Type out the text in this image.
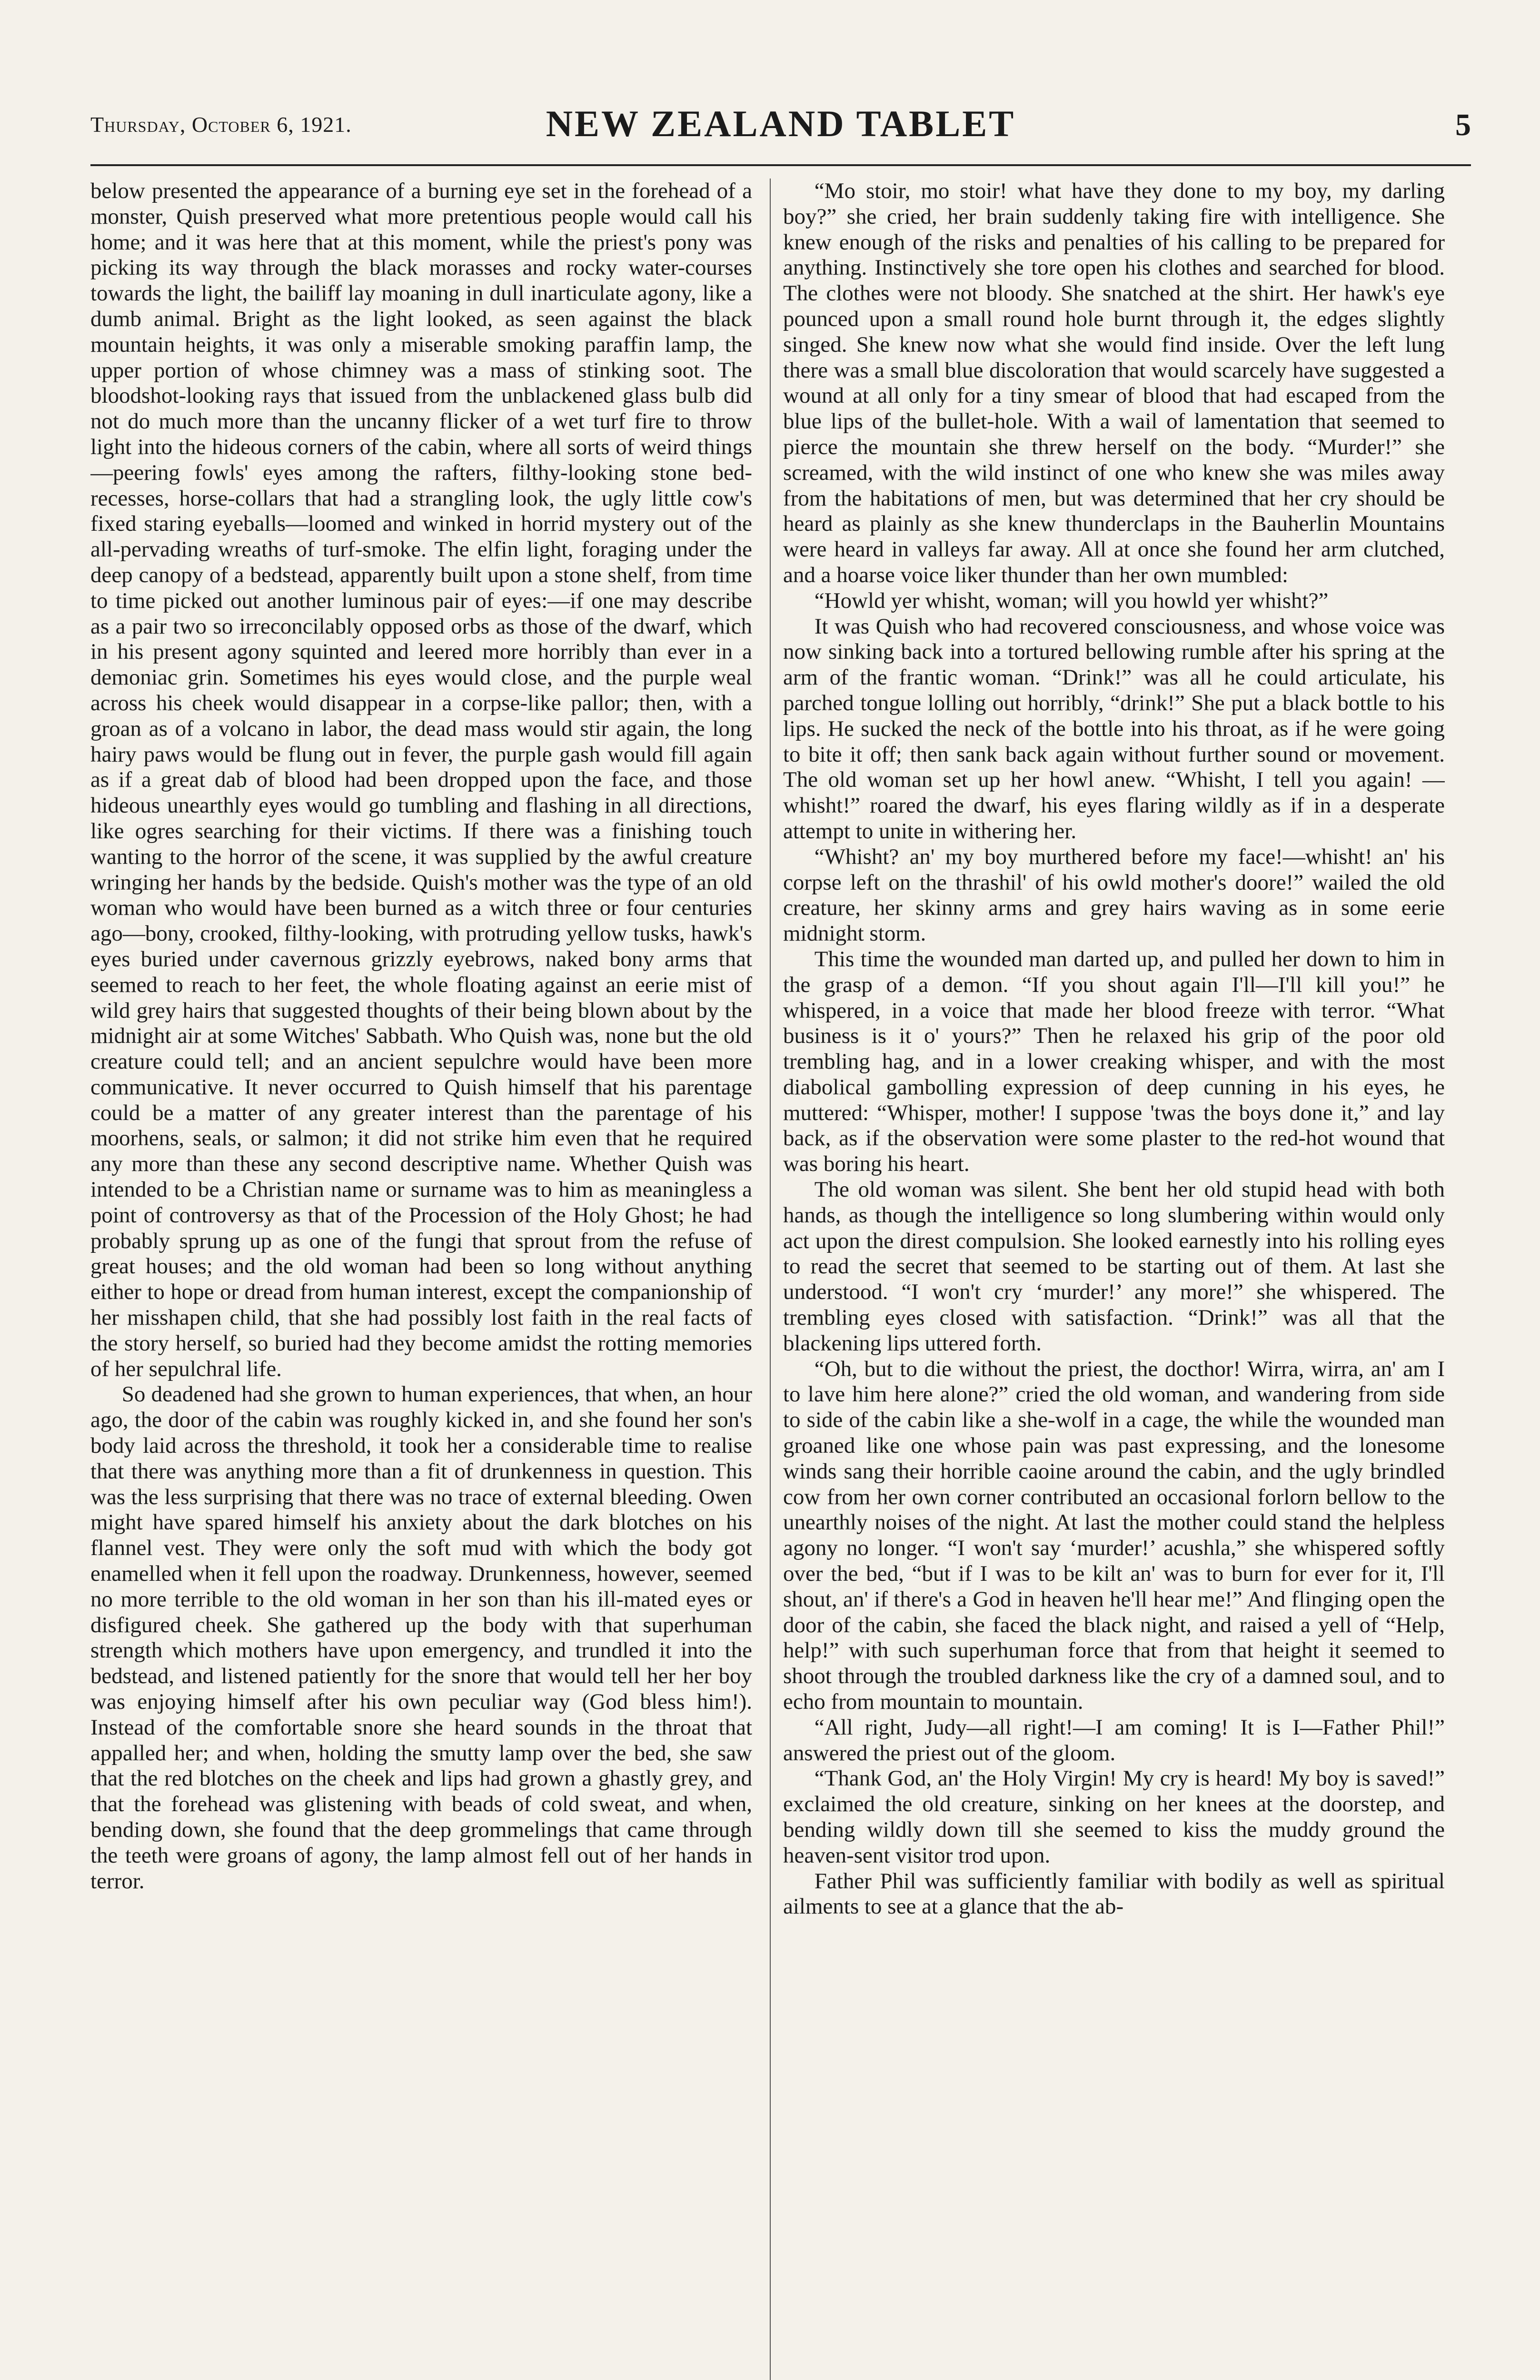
Thursday, October 6, 1921.	NEW ZEALAND TABLET	5

below presented the appearance of a burning eye set in the forehead of a monster, Quish preserved what more pretentious people would call his home; and it was here that at this moment, while the priest's pony was picking its way through the black morasses and rocky water-courses towards the light, the bailiff lay moaning in dull inarticulate agony, like a dumb animal. Bright as the light looked, as seen against the black mountain heights, it was only a miserable smoking paraffin lamp, the upper portion of whose chimney was a mass of stinking soot. The bloodshot-looking rays that issued from the unblackened glass bulb did not do much more than the uncanny flicker of a wet turf fire to throw light into the hideous corners of the cabin, where all sorts of weird things—peering fowls' eyes among the rafters, filthy-looking stone bed-recesses, horse-collars that had a strangling look, the ugly little cow's fixed staring eyeballs—loomed and winked in horrid mystery out of the all-pervading wreaths of turf-smoke. The elfin light, foraging under the deep canopy of a bedstead, apparently built upon a stone shelf, from time to time picked out another luminous pair of eyes:—if one may describe as a pair two so irreconcilably opposed orbs as those of the dwarf, which in his present agony squinted and leered more horribly than ever in a demoniac grin. Sometimes his eyes would close, and the purple weal across his cheek would disappear in a corpse-like pallor; then, with a groan as of a volcano in labor, the dead mass would stir again, the long hairy paws would be flung out in fever, the purple gash would fill again as if a great dab of blood had been dropped upon the face, and those hideous unearthly eyes would go tumbling and flashing in all directions, like ogres searching for their victims. If there was a finishing touch wanting to the horror of the scene, it was supplied by the awful creature wringing her hands by the bedside. Quish's mother was the type of an old woman who would have been burned as a witch three or four centuries ago—bony, crooked, filthy-looking, with protruding yellow tusks, hawk's eyes buried under cavernous grizzly eyebrows, naked bony arms that seemed to reach to her feet, the whole floating against an eerie mist of wild grey hairs that suggested thoughts of their being blown about by the midnight air at some Witches' Sabbath. Who Quish was, none but the old creature could tell; and an ancient sepulchre would have been more communicative. It never occurred to Quish himself that his parentage could be a matter of any greater interest than the parentage of his moorhens, seals, or salmon; it did not strike him even that he required any more than these any second descriptive name. Whether Quish was intended to be a Christian name or surname was to him as meaningless a point of controversy as that of the Procession of the Holy Ghost; he had probably sprung up as one of the fungi that sprout from the refuse of great houses; and the old woman had been so long without anything either to hope or dread from human interest, except the companionship of her misshapen child, that she had possibly lost faith in the real facts of the story herself, so buried had they become amidst the rotting memories of her sepulchral life.

So deadened had she grown to human experiences, that when, an hour ago, the door of the cabin was roughly kicked in, and she found her son's body laid across the threshold, it took her a considerable time to realise that there was anything more than a fit of drunkenness in question. This was the less surprising that there was no trace of external bleeding. Owen might have spared himself his anxiety about the dark blotches on his flannel vest. They were only the soft mud with which the body got enamelled when it fell upon the roadway. Drunkenness, however, seemed no more terrible to the old woman in her son than his ill-mated eyes or disfigured cheek. She gathered up the body with that superhuman strength which mothers have upon emergency, and trundled it into the bedstead, and listened patiently for the snore that would tell her her boy was enjoying himself after his own peculiar way (God bless him!). Instead of the comfortable snore she heard sounds in the throat that appalled her; and when, holding the smutty lamp over the bed, she saw that the red blotches on the cheek and lips had grown a ghastly grey, and that the forehead was glistening with beads of cold sweat, and when, bending down, she found that the deep grommelings that came through the teeth were groans of agony, the lamp almost fell out of her hands in terror.

“Mo stoir, mo stoir! what have they done to my boy, my darling boy?” she cried, her brain suddenly taking fire with intelligence. She knew enough of the risks and penalties of his calling to be prepared for anything. Instinctively she tore open his clothes and searched for blood. The clothes were not bloody. She snatched at the shirt. Her hawk's eye pounced upon a small round hole burnt through it, the edges slightly singed. She knew now what she would find inside. Over the left lung there was a small blue discoloration that would scarcely have suggested a wound at all only for a tiny smear of blood that had escaped from the blue lips of the bullet-hole. With a wail of lamentation that seemed to pierce the mountain she threw herself on the body. “Murder!” she screamed, with the wild instinct of one who knew she was miles away from the habitations of men, but was determined that her cry should be heard as plainly as she knew thunderclaps in the Bauherlin Mountains were heard in valleys far away. All at once she found her arm clutched, and a hoarse voice liker thunder than her own mumbled:

“Howld yer whisht, woman; will you howld yer whisht?”

It was Quish who had recovered consciousness, and whose voice was now sinking back into a tortured bellowing rumble after his spring at the arm of the frantic woman. “Drink!” was all he could articulate, his parched tongue lolling out horribly, “drink!” She put a black bottle to his lips. He sucked the neck of the bottle into his throat, as if he were going to bite it off; then sank back again without further sound or movement. The old woman set up her howl anew. “Whisht, I tell you again! —whisht!” roared the dwarf, his eyes flaring wildly as if in a desperate attempt to unite in withering her.

“Whisht? an' my boy murthered before my face!—whisht! an' his corpse left on the thrashil' of his owld mother's doore!” wailed the old creature, her skinny arms and grey hairs waving as in some eerie midnight storm.

This time the wounded man darted up, and pulled her down to him in the grasp of a demon. “If you shout again I'll—I'll kill you!” he whispered, in a voice that made her blood freeze with terror. “What business is it o' yours?” Then he relaxed his grip of the poor old trembling hag, and in a lower creaking whisper, and with the most diabolical gambolling expression of deep cunning in his eyes, he muttered: “Whisper, mother! I suppose 'twas the boys done it,” and lay back, as if the observation were some plaster to the red-hot wound that was boring his heart.

The old woman was silent. She bent her old stupid head with both hands, as though the intelligence so long slumbering within would only act upon the direst compulsion. She looked earnestly into his rolling eyes to read the secret that seemed to be starting out of them. At last she understood. “I won't cry ‘murder!’ any more!” she whispered. The trembling eyes closed with satisfaction. “Drink!” was all that the blackening lips uttered forth.

“Oh, but to die without the priest, the docthor! Wirra, wirra, an' am I to lave him here alone?” cried the old woman, and wandering from side to side of the cabin like a she-wolf in a cage, the while the wounded man groaned like one whose pain was past expressing, and the lonesome winds sang their horrible caoine around the cabin, and the ugly brindled cow from her own corner contributed an occasional forlorn bellow to the unearthly noises of the night. At last the mother could stand the helpless agony no longer. “I won't say ‘murder!’ acushla,” she whispered softly over the bed, “but if I was to be kilt an' was to burn for ever for it, I'll shout, an' if there's a God in heaven he'll hear me!” And flinging open the door of the cabin, she faced the black night, and raised a yell of “Help, help!” with such superhuman force that from that height it seemed to shoot through the troubled darkness like the cry of a damned soul, and to echo from mountain to mountain.

“All right, Judy—all right!—I am coming! It is I—Father Phil!” answered the priest out of the gloom.

“Thank God, an' the Holy Virgin! My cry is heard! My boy is saved!” exclaimed the old creature, sinking on her knees at the doorstep, and bending wildly down till she seemed to kiss the muddy ground the heaven-sent visitor trod upon.

Father Phil was sufficiently familiar with bodily as well as spiritual ailments to see at a glance that the ab-
